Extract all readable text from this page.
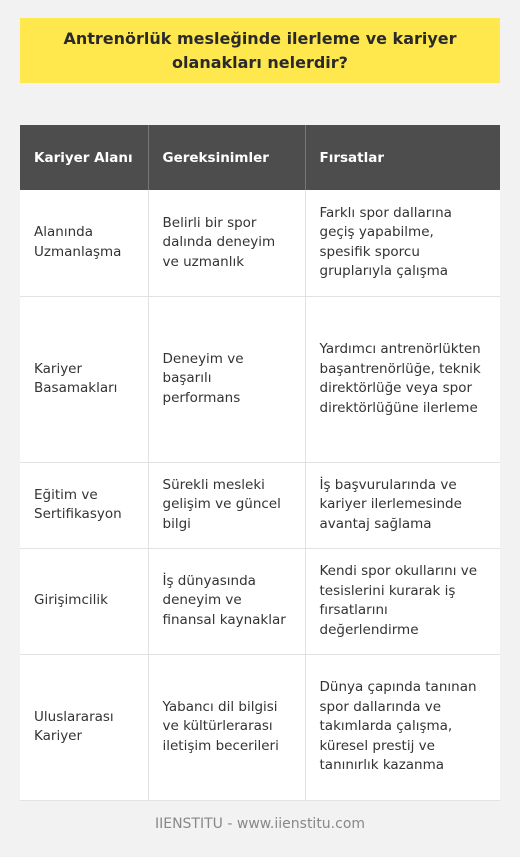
Antrenörlük mesleğinde ilerleme ve kariyer olanakları nelerdir?
Kariyer Alanı	Gereksinimler	Fırsatlar
Alanında Uzmanlaşma	Belirli bir spor dalında deneyim ve uzmanlık	Farklı spor dallarına geçiş yapabilme, spesifik sporcu gruplarıyla çalışma
Kariyer Basamakları	Deneyim ve başarılı performans	Yardımcı antrenörlükten başantrenörlüğe, teknik direktörlüğe veya spor direktörlüğüne ilerleme
Eğitim ve Sertifikasyon	Sürekli mesleki gelişim ve güncel bilgi	İş başvurularında ve kariyer ilerlemesinde avantaj sağlama
Girişimcilik	İş dünyasında deneyim ve finansal kaynaklar	Kendi spor okullarını ve tesislerini kurarak iş fırsatlarını değerlendirme
Uluslararası Kariyer	Yabancı dil bilgisi ve kültürlerarası iletişim becerileri	Dünya çapında tanınan spor dallarında ve takımlarda çalışma, küresel prestij ve tanınırlık kazanma
IIENSTITU - www.iienstitu.com
